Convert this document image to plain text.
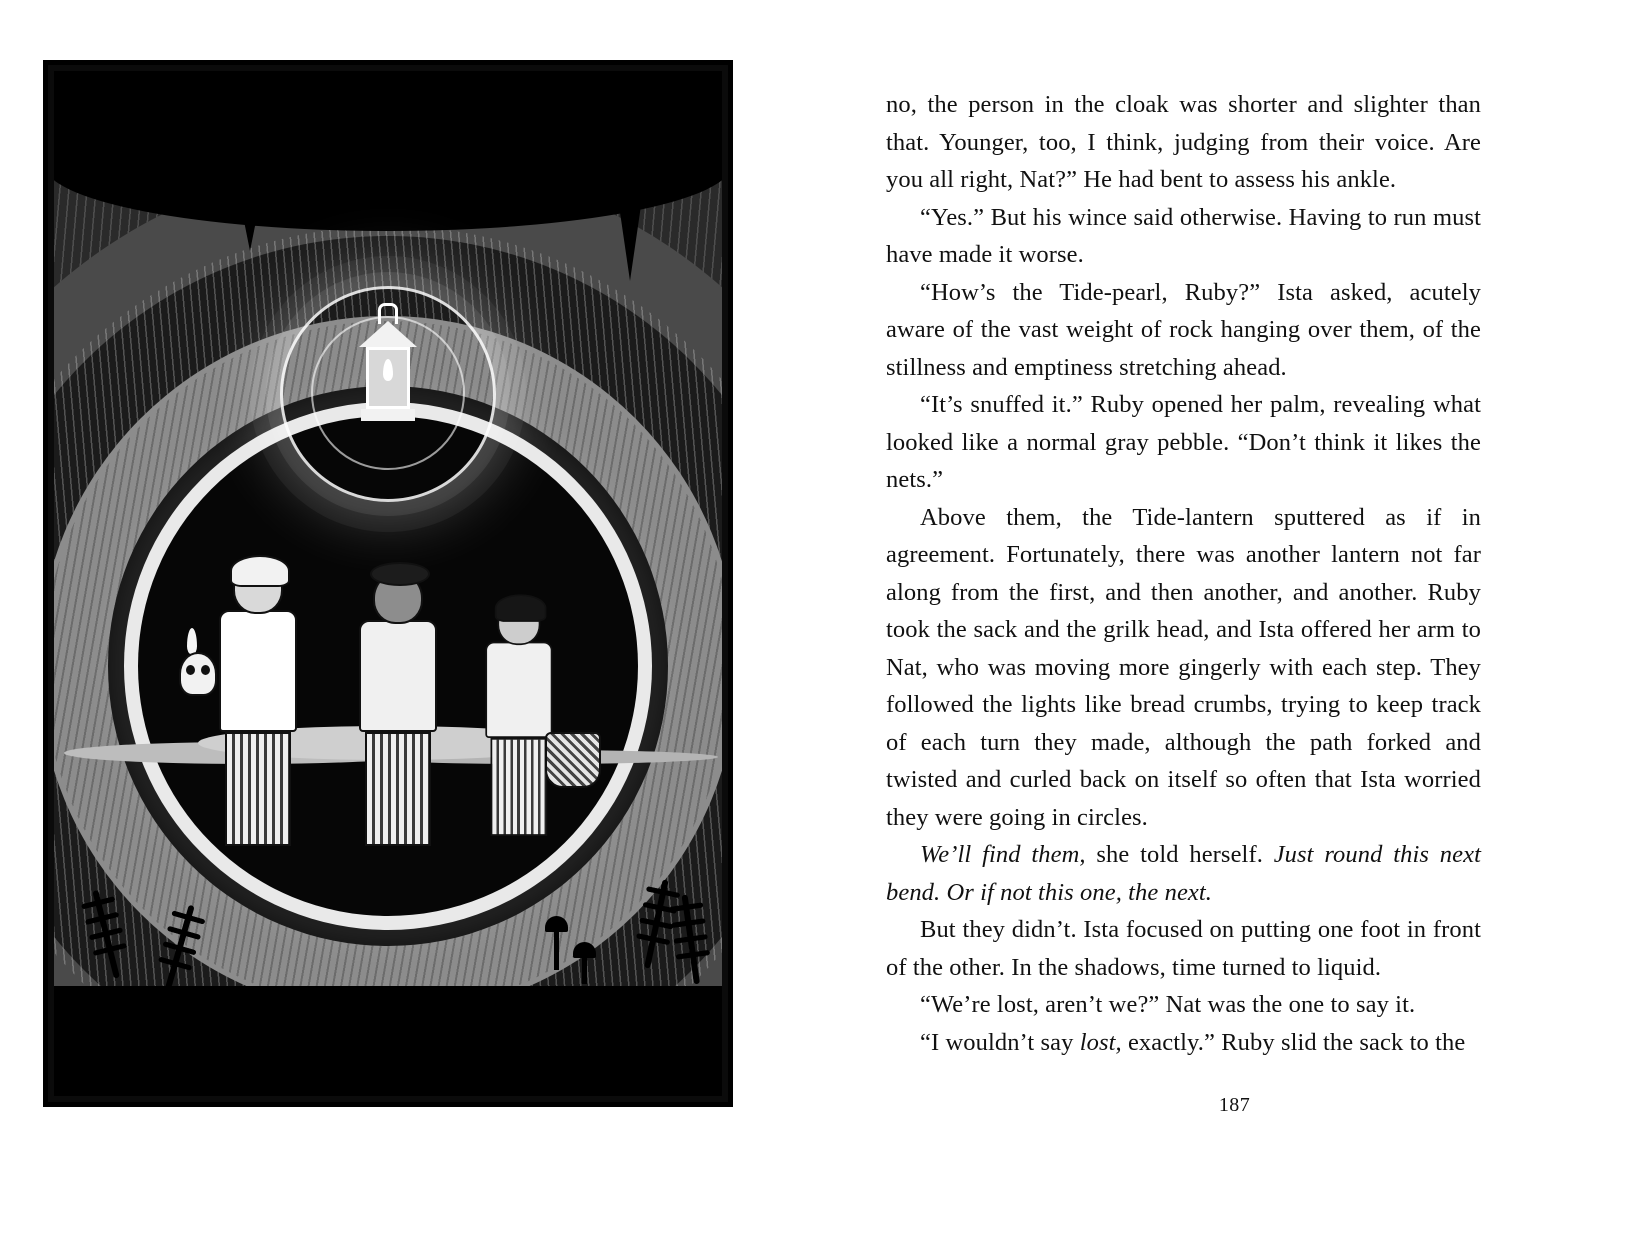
no, the person in the cloak was shorter and slighter than that. Younger, too, I think, judging from their voice. Are you all right, Nat?” He had bent to assess his ankle.

“Yes.” But his wince said otherwise. Having to run must have made it worse.

“How’s the Tide-pearl, Ruby?” Ista asked, acutely aware of the vast weight of rock hanging over them, of the stillness and emptiness stretching ahead.

“It’s snuffed it.” Ruby opened her palm, revealing what looked like a normal gray pebble. “Don’t think it likes the nets.”

Above them, the Tide-lantern sputtered as if in agreement. Fortunately, there was another lantern not far along from the first, and then another, and another. Ruby took the sack and the grilk head, and Ista offered her arm to Nat, who was moving more gingerly with each step. They followed the lights like bread crumbs, trying to keep track of each turn they made, although the path forked and twisted and curled back on itself so often that Ista worried they were going in circles.

We’ll find them, she told herself. Just round this next bend. Or if not this one, the next.

But they didn’t. Ista focused on putting one foot in front of the other. In the shadows, time turned to liquid.

“We’re lost, aren’t we?” Nat was the one to say it.

“I wouldn’t say lost, exactly.” Ruby slid the sack to the

187
